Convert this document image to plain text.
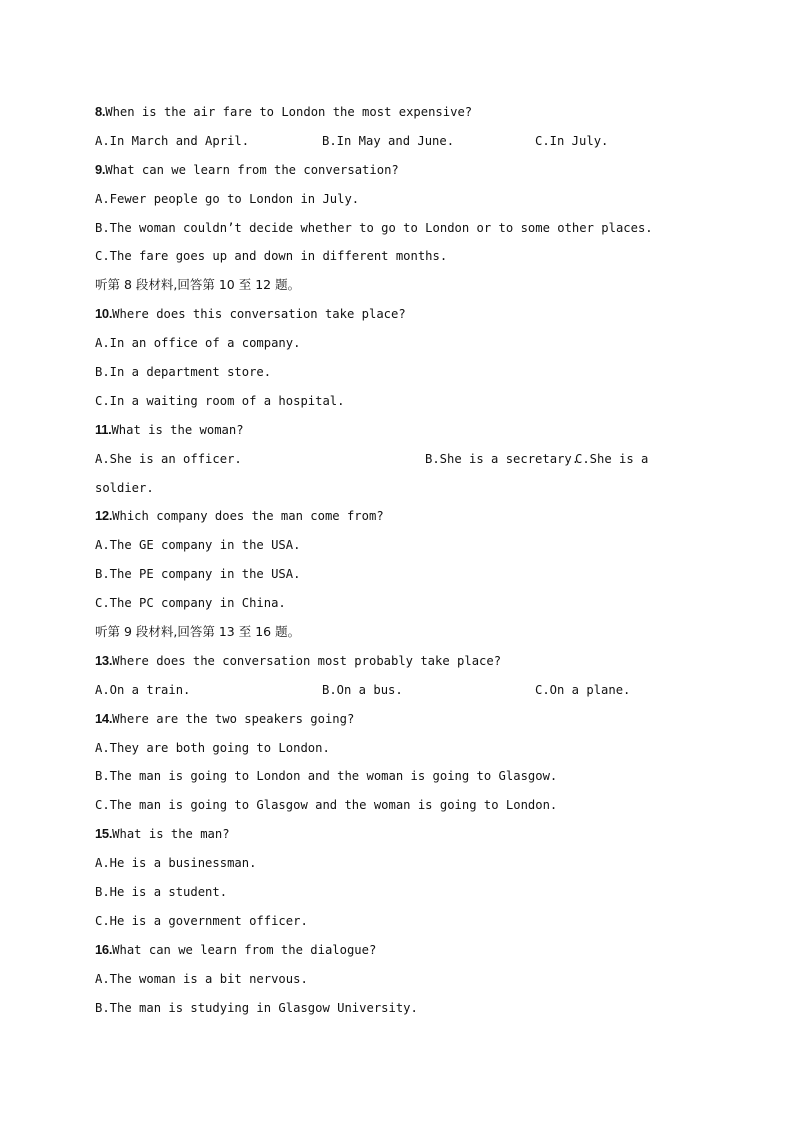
8.When is the air fare to London the most expensive?
A.In March and April.	B.In May and June.	C.In July.
9.What can we learn from the conversation?
A.Fewer people go to London in July.
B.The woman couldn’t decide whether to go to London or to some other places.
C.The fare goes up and down in different months.
听第 8 段材料,回答第 10 至 12 题。
10.Where does this conversation take place?
A.In an office of a company.
B.In a department store.
C.In a waiting room of a hospital.
11.What is the woman?
A.She is an officer.	B.She is a secretary.
C.She is a
soldier.
12.Which company does the man come from?
A.The GE company in the USA.
B.The PE company in the USA.
C.The PC company in China.
听第 9 段材料,回答第 13 至 16 题。
13.Where does the conversation most probably take place?
A.On a train.	B.On a bus.	C.On a plane.
14.Where are the two speakers going?
A.They are both going to London.
B.The man is going to London and the woman is going to Glasgow.
C.The man is going to Glasgow and the woman is going to London.
15.What is the man?
A.He is a businessman.
B.He is a student.
C.He is a government officer.
16.What can we learn from the dialogue?
A.The woman is a bit nervous.
B.The man is studying in Glasgow University.
